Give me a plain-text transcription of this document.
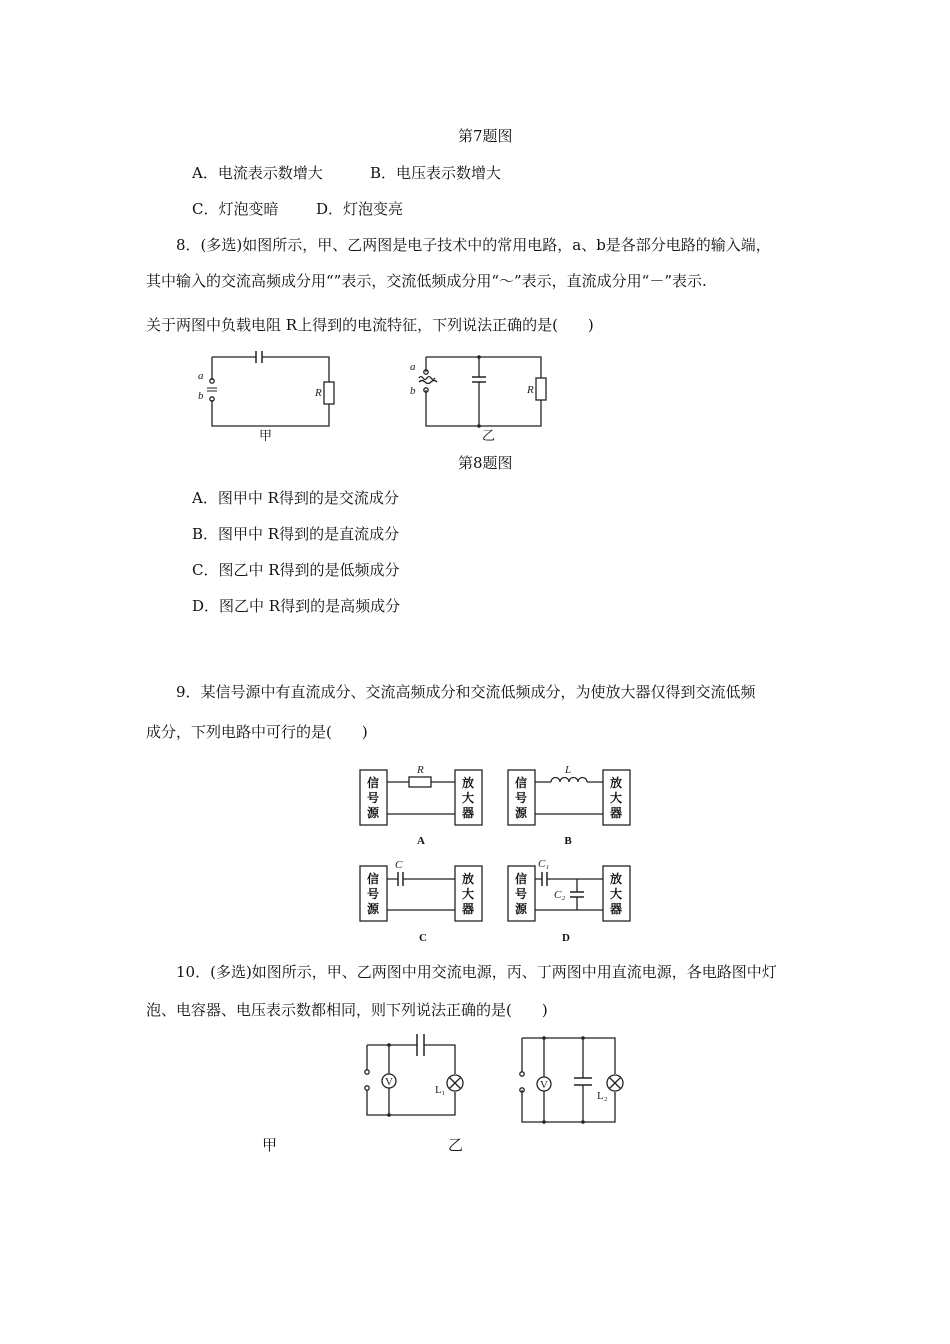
第7题图
A．电流表示数增大	B．电压表示数增大
C．灯泡变暗	D．灯泡变亮
8．(多选)如图所示，甲、乙两图是电子技术中的常用电路，a、b是各部分电路的输入端，
其中输入的交流高频成分用“”表示，交流低频成分用“～”表示，直流成分用“－”表示.
关于两图中负载电阻 R上得到的电流特征，下列说法正确的是(　　)
R
a
b
甲
R
a
b
乙
第8题图
A．图甲中 R得到的是交流成分
B．图甲中 R得到的是直流成分
C．图乙中 R得到的是低频成分
D．图乙中 R得到的是高频成分
9．某信号源中有直流成分、交流高频成分和交流低频成分，为使放大器仅得到交流低频
成分，下列电路中可行的是(　　)
信
号
源
放
大
器
R
A
信
号
源
放
大
器
L
B
信
号
源
放
大
器
C
C
信
号
源
放
大
器
C₁
C₂
D
10．(多选)如图所示，甲、乙两图中用交流电源，丙、丁两图中用直流电源，各电路图中灯
泡、电容器、电压表示数都相同，则下列说法正确的是(　　)
V
L₁
甲
V
L₂
乙
